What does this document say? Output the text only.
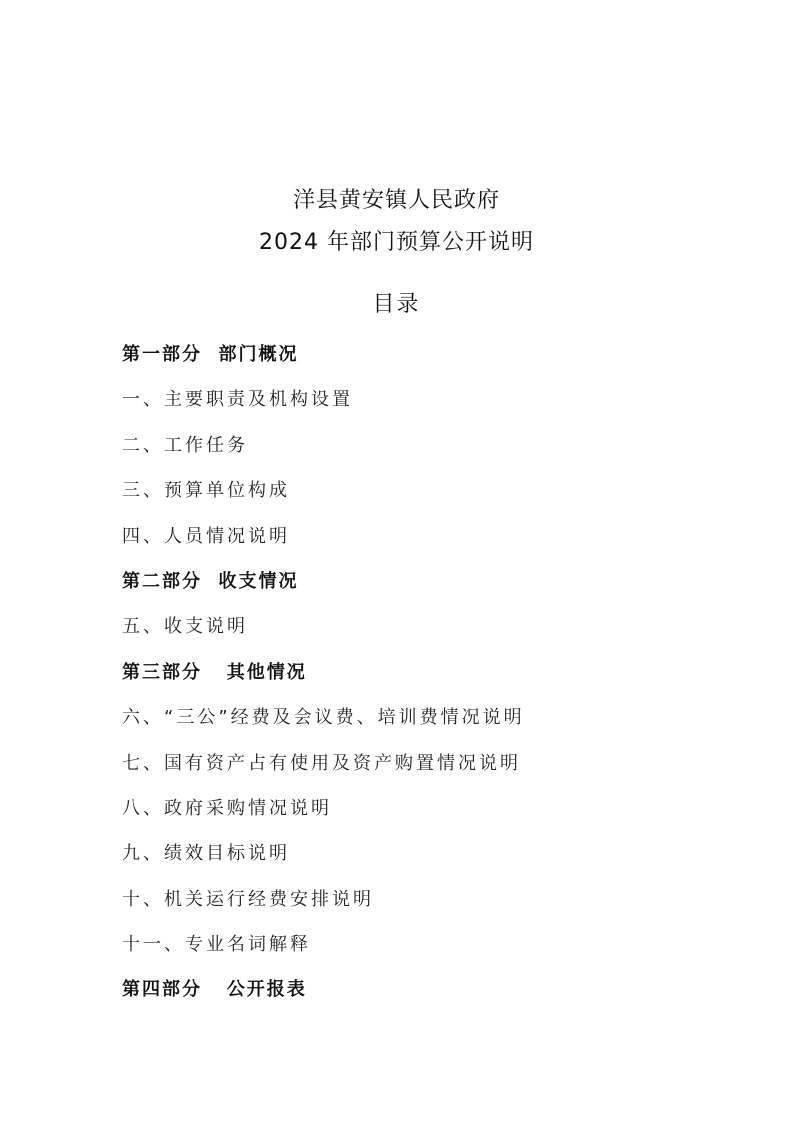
洋县黄安镇人民政府
2024 年部门预算公开说明
目录
第一部分  部门概况
一、主要职责及机构设置
二、工作任务
三、预算单位构成
四、人员情况说明
第二部分  收支情况
五、收支说明
第三部分   其他情况
六、“三公”经费及会议费、培训费情况说明
七、国有资产占有使用及资产购置情况说明
八、政府采购情况说明
九、绩效目标说明
十、机关运行经费安排说明
十一、专业名词解释
第四部分   公开报表
